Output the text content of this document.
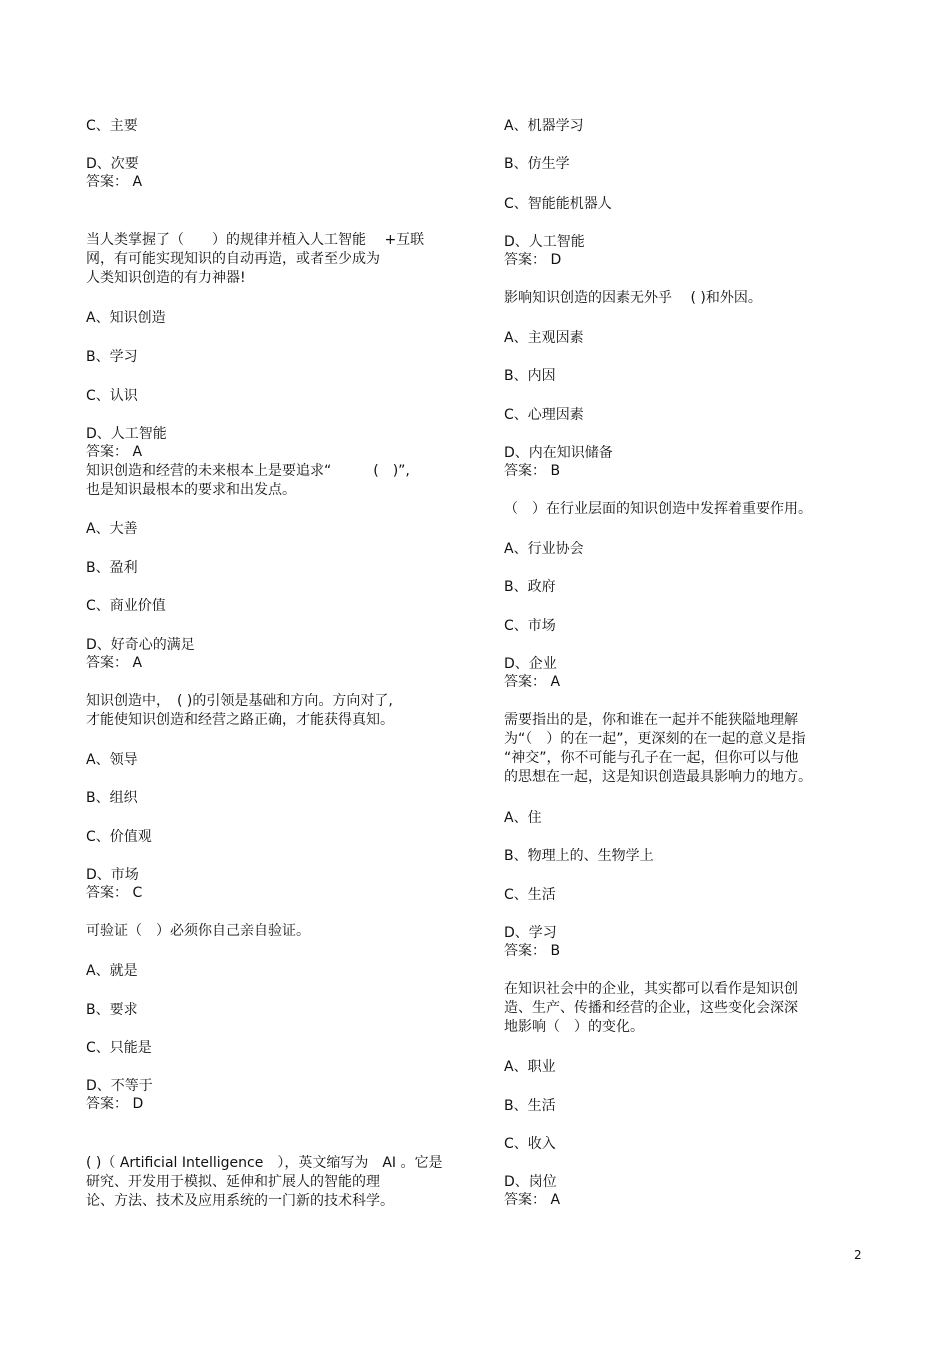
C、主要
D、次要
答案： A
当人类掌握了（　　）的规律并植入人工智能　 +互联
网，有可能实现知识的自动再造，或者至少成为
人类知识创造的有力神器!
A、知识创造
B、学习
C、认识
D、人工智能
答案： A
知识创造和经营的未来根本上是要追求“　　　(　)”,
也是知识最根本的要求和出发点。
A、大善
B、盈利
C、商业价值
D、好奇心的满足
答案： A
知识创造中，　( )的引领是基础和方向。方向对了,
才能使知识创造和经营之路正确，才能获得真知。
A、领导
B、组织
C、价值观
D、市场
答案： C
可验证（　）必须你自己亲自验证。
A、就是
B、要求
C、只能是
D、不等于
答案： D
( )（ Artificial Intelligence　），英文缩写为　AI 。它是
研究、开发用于模拟、延伸和扩展人的智能的理
论、方法、技术及应用系统的一门新的技术科学。
A、机器学习
B、仿生学
C、智能能机器人
D、人工智能
答案： D
影响知识创造的因素无外乎　 ( )和外因。
A、主观因素
B、内因
C、心理因素
D、内在知识储备
答案： B
（　）在行业层面的知识创造中发挥着重要作用。
A、行业协会
B、政府
C、市场
D、企业
答案： A
需要指出的是，你和谁在一起并不能狭隘地理解
为“（　）的在一起”，更深刻的在一起的意义是指
“神交”，你不可能与孔子在一起，但你可以与他
的思想在一起，这是知识创造最具影响力的地方。
A、住
B、物理上的、生物学上
C、生活
D、学习
答案： B
在知识社会中的企业，其实都可以看作是知识创
造、生产、传播和经营的企业，这些变化会深深
地影响（　）的变化。
A、职业
B、生活
C、收入
D、岗位
答案： A
2
